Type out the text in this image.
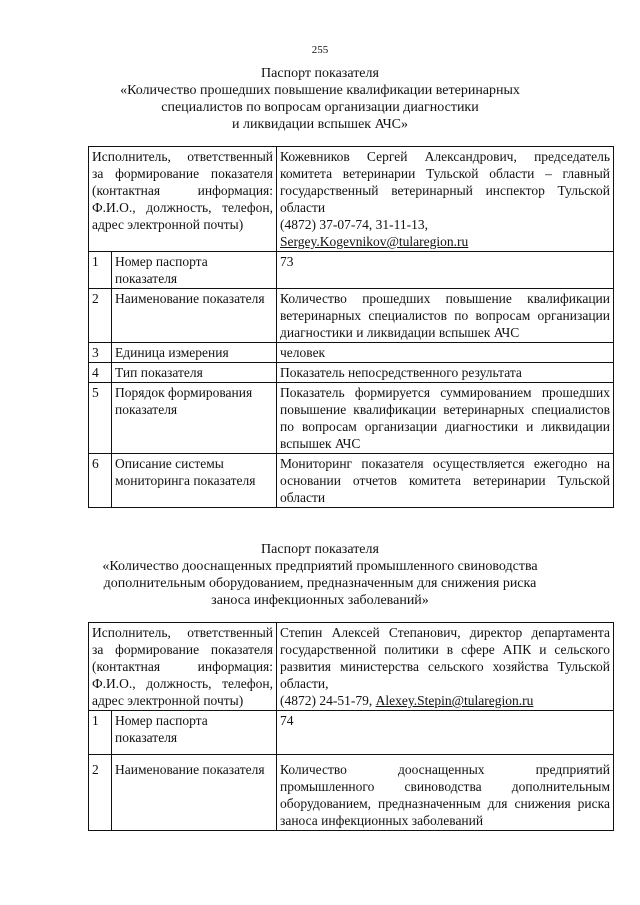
255
Паспорт показателя
«Количество прошедших повышение квалификации ветеринарных
специалистов по вопросам организации диагностики
и ликвидации вспышек АЧС»
Исполнитель, ответственный за формирование показателя (контактная информация: Ф.И.О., должность, телефон, адрес электронной почты)		Кожевников Сергей Александрович, председатель комитета ветеринарии Тульской области – главный государственный ветеринарный инспектор Тульской области
(4872) 37-07-74, 31-11-13,
Sergey.Kogevnikov@tularegion.ru
1	Номер паспорта показателя	73
2	Наименование показателя	Количество прошедших повышение квалификации ветеринарных специалистов по вопросам организации диагностики и ликвидации вспышек АЧС
3	Единица измерения	человек
4	Тип показателя	Показатель непосредственного результата
5	Порядок формирования показателя	Показатель формируется суммированием прошедших повышение квалификации ветеринарных специалистов по вопросам организации диагностики и ликвидации вспышек АЧС
6	Описание системы мониторинга показателя	Мониторинг показателя осуществляется ежегодно на основании отчетов комитета ветеринарии Тульской области
Паспорт показателя
«Количество дооснащенных предприятий промышленного свиноводства
дополнительным оборудованием, предназначенным для снижения риска
заноса инфекционных заболеваний»
Исполнитель, ответственный за формирование показателя (контактная информация: Ф.И.О., должность, телефон, адрес электронной почты)		Степин Алексей Степанович, директор департамента государственной политики в сфере АПК и сельского развития министерства сельского хозяйства Тульской области,
(4872) 24-51-79, Alexey.Stepin@tularegion.ru
1	Номер паспорта показателя	74
2	Наименование показателя	Количество дооснащенных предприятий промышленного свиноводства дополнительным оборудованием, предназначенным для снижения риска заноса инфекционных заболеваний
